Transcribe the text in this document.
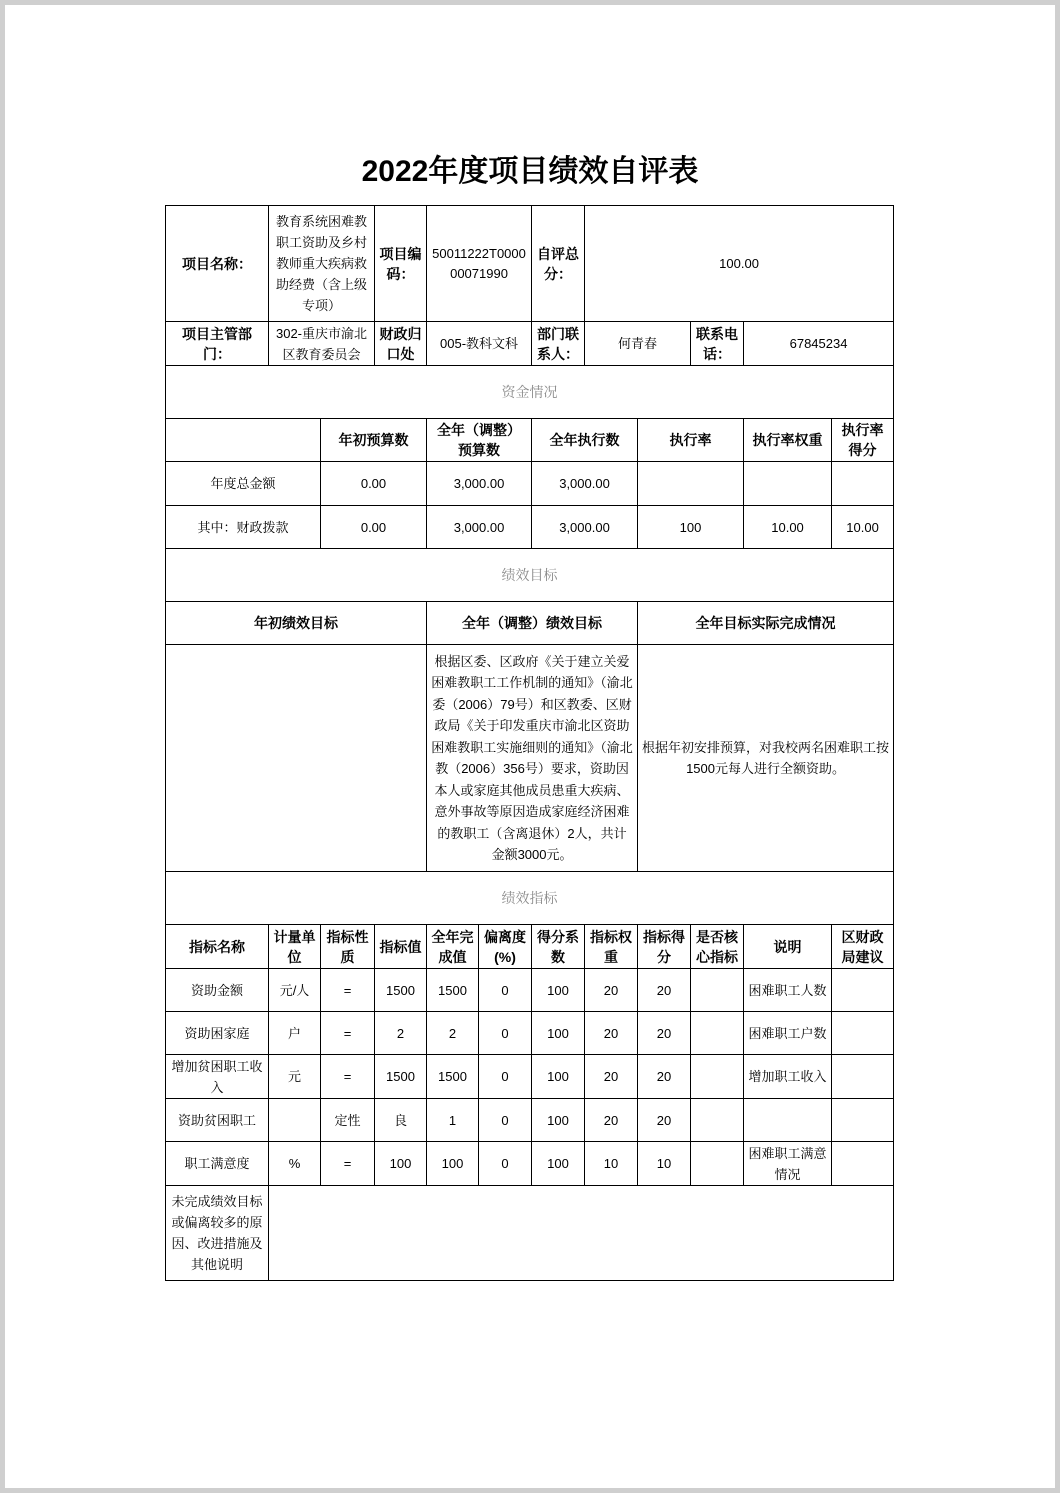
2022年度项目绩效自评表
项目名称：	教育系统困难教职工资助及乡村教师重大疾病救助经费（含上级专项）		项目编码：	50011222T000000071990		自评总分：	100.00				
项目主管部门：	302-重庆市渝北区教育委员会		财政归口处	005-教科文科		部门联系人：	何青春		联系电话：	67845234	
资金情况											
		年初预算数		全年（调整）预算数		全年执行数		执行率		执行率权重	执行率得分
年度总金额		0.00		3,000.00		3,000.00					
其中：财政拨款		0.00		3,000.00		3,000.00		100		10.00	10.00
绩效目标											
年初绩效目标				全年（调整）绩效目标				全年目标实际完成情况			
				根据区委、区政府《关于建立关爱困难教职工工作机制的通知》（渝北委（2006）79号）和区教委、区财政局《关于印发重庆市渝北区资助困难教职工实施细则的通知》（渝北教（2006）356号）要求，资助因本人或家庭其他成员患重大疾病、意外事故等原因造成家庭经济困难的教职工（含离退休）2人，共计金额3000元。				根据年初安排预算，对我校两名困难职工按1500元每人进行全额资助。			
绩效指标											
指标名称	计量单位	指标性质	指标值	全年完成值	偏离度(%)	得分系数	指标权重	指标得分	是否核心指标	说明	区财政局建议
资助金额	元/人	=	1500	1500	0	100	20	20		困难职工人数	
资助困家庭	户	=	2	2	0	100	20	20		困难职工户数	
增加贫困职工收入	元	=	1500	1500	0	100	20	20		增加职工收入	
资助贫困职工		定性	良	1	0	100	20	20			
职工满意度	%	=	100	100	0	100	10	10		困难职工满意情况	
未完成绩效目标或偏离较多的原因、改进措施及其他说明											
